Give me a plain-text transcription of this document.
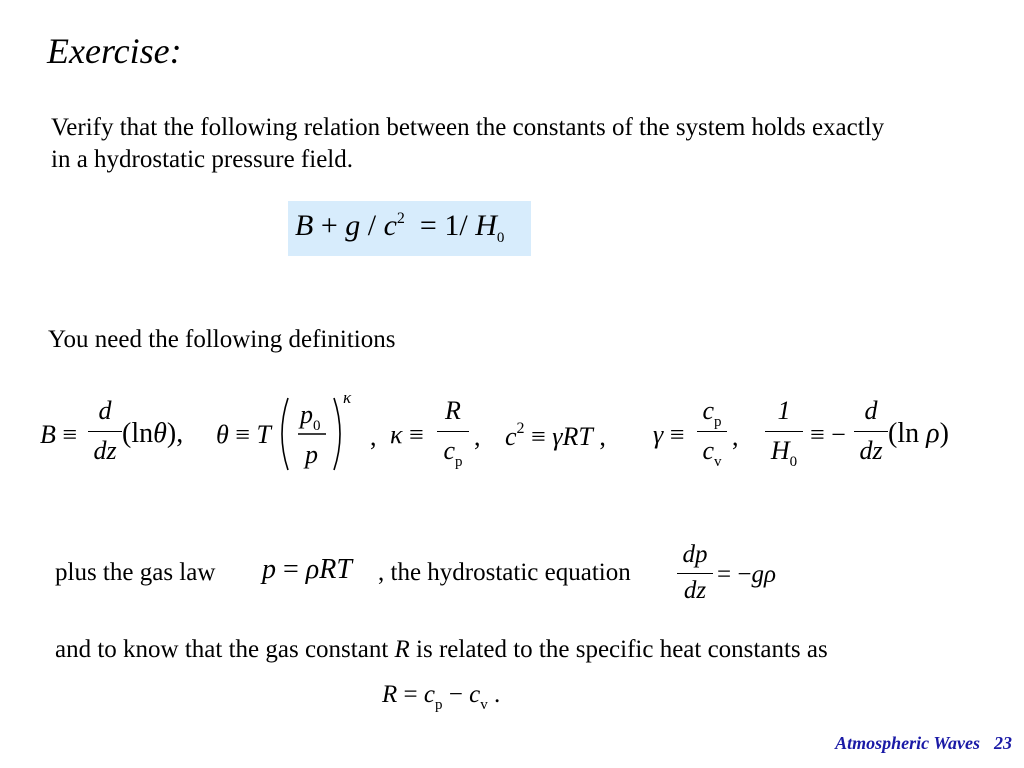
Exercise:
Verify that the following relation between the constants of the system holds exactly
in a hydrostatic pressure field.
$B + g / c^2 = 1/$ $H_0$
You need the following definitions
B ≡
d
dz
(lnθ), θ ≡ T
$p_0$
p
κ
, κ ≡
R
$c_p$
, $c^2 \equiv \gamma RT$ , γ ≡
$c_p$
$c_v$
,
1
$H_0$
≡ −
d
dz
(ln ρ)
plus the gas law p = ρRT , the hydrostatic equation
dp
dz
= −gρ
and to know that the gas constant R is related to the specific heat constants as
$R = c_p - c_v$ .
Atmospheric Waves 23
